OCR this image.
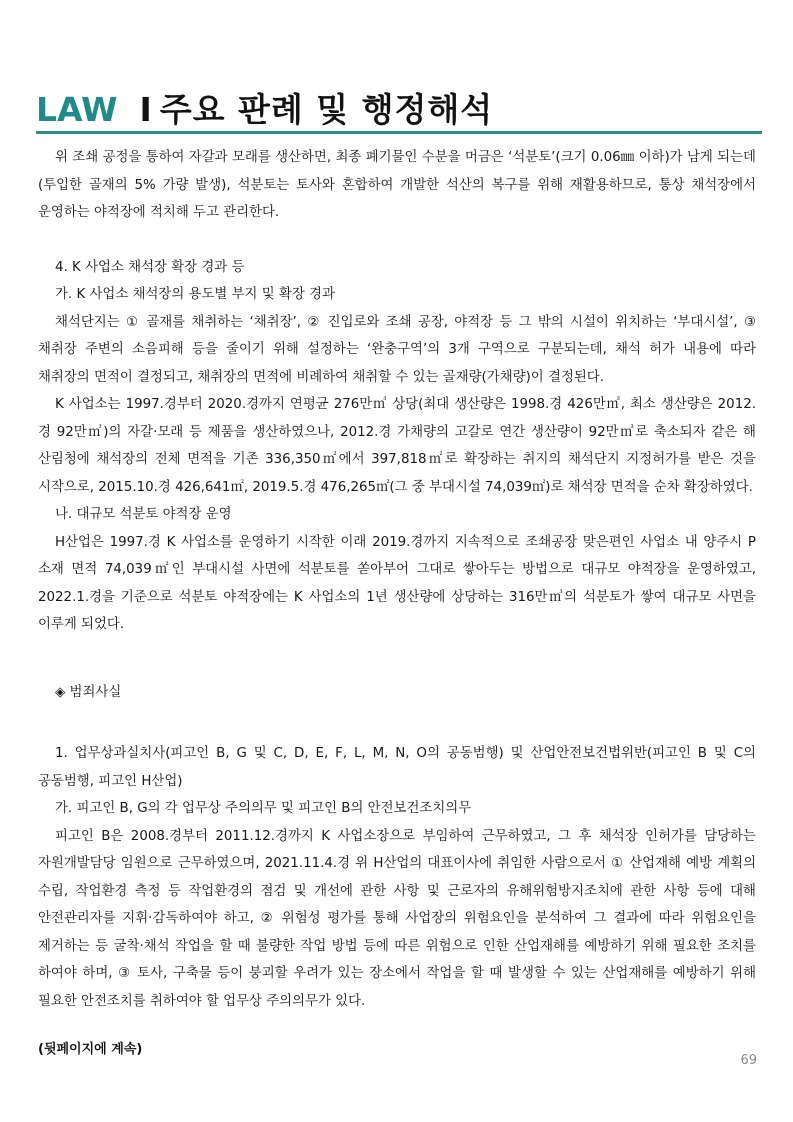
LAW I 주요 판례 및 행정해석

위 조쇄 공정을 통하여 자갈과 모래를 생산하면, 최종 폐기물인 수분을 머금은 ‘석분토’(크기 0.06㎜ 이하)가 남게 되는데(투입한 골재의 5% 가량 발생), 석분토는 토사와 혼합하여 개발한 석산의 복구를 위해 재활용하므로, 통상 채석장에서 운영하는 야적장에 적치해 두고 관리한다.

4. K 사업소 채석장 확장 경과 등

가. K 사업소 채석장의 용도별 부지 및 확장 경과

채석단지는 ① 골재를 채취하는 ‘채취장’, ② 진입로와 조쇄 공장, 야적장 등 그 밖의 시설이 위치하는 ‘부대시설’, ③ 채취장 주변의 소음피해 등을 줄이기 위해 설정하는 ‘완충구역’의 3개 구역으로 구분되는데, 채석 허가 내용에 따라 채취장의 면적이 결정되고, 채취장의 면적에 비례하여 채취할 수 있는 골재량(가채량)이 결정된다.

K 사업소는 1997.경부터 2020.경까지 연평균 276만㎥ 상당(최대 생산량은 1998.경 426만㎥, 최소 생산량은 2012.경 92만㎥)의 자갈·모래 등 제품을 생산하였으나, 2012.경 가채량의 고갈로 연간 생산량이 92만㎥로 축소되자 같은 해 산림청에 채석장의 전체 면적을 기존 336,350㎡에서 397,818㎡로 확장하는 취지의 채석단지 지정허가를 받은 것을 시작으로, 2015.10.경 426,641㎡, 2019.5.경 476,265㎡(그 중 부대시설 74,039㎡)로 채석장 면적을 순차 확장하였다.

나. 대규모 석분토 야적장 운영

H산업은 1997.경 K 사업소를 운영하기 시작한 이래 2019.경까지 지속적으로 조쇄공장 맞은편인 사업소 내 양주시 P 소재 면적 74,039㎡인 부대시설 사면에 석분토를 쏟아부어 그대로 쌓아두는 방법으로 대규모 야적장을 운영하였고, 2022.1.경을 기준으로 석분토 야적장에는 K 사업소의 1년 생산량에 상당하는 316만㎥의 석분토가 쌓여 대규모 사면을 이루게 되었다.

◈ 범죄사실

1. 업무상과실치사(피고인 B, G 및 C, D, E, F, L, M, N, O의 공동범행) 및 산업안전보건법위반(피고인 B 및 C의 공동범행, 피고인 H산업)

가. 피고인 B, G의 각 업무상 주의의무 및 피고인 B의 안전보건조치의무

피고인 B은 2008.경부터 2011.12.경까지 K 사업소장으로 부임하여 근무하였고, 그 후 채석장 인허가를 담당하는 자원개발담당 임원으로 근무하였으며, 2021.11.4.경 위 H산업의 대표이사에 취임한 사람으로서 ① 산업재해 예방 계획의 수립, 작업환경 측정 등 작업환경의 점검 및 개선에 관한 사항 및 근로자의 유해위험방지조치에 관한 사항 등에 대해 안전관리자를 지휘·감독하여야 하고, ② 위험성 평가를 통해 사업장의 위험요인을 분석하여 그 결과에 따라 위험요인을 제거하는 등 굴착·채석 작업을 할 때 불량한 작업 방법 등에 따른 위험으로 인한 산업재해를 예방하기 위해 필요한 조치를 하여야 하며, ③ 토사, 구축물 등이 붕괴할 우려가 있는 장소에서 작업을 할 때 발생할 수 있는 산업재해를 예방하기 위해 필요한 안전조치를 취하여야 할 업무상 주의의무가 있다.

(뒷페이지에 계속)
69
